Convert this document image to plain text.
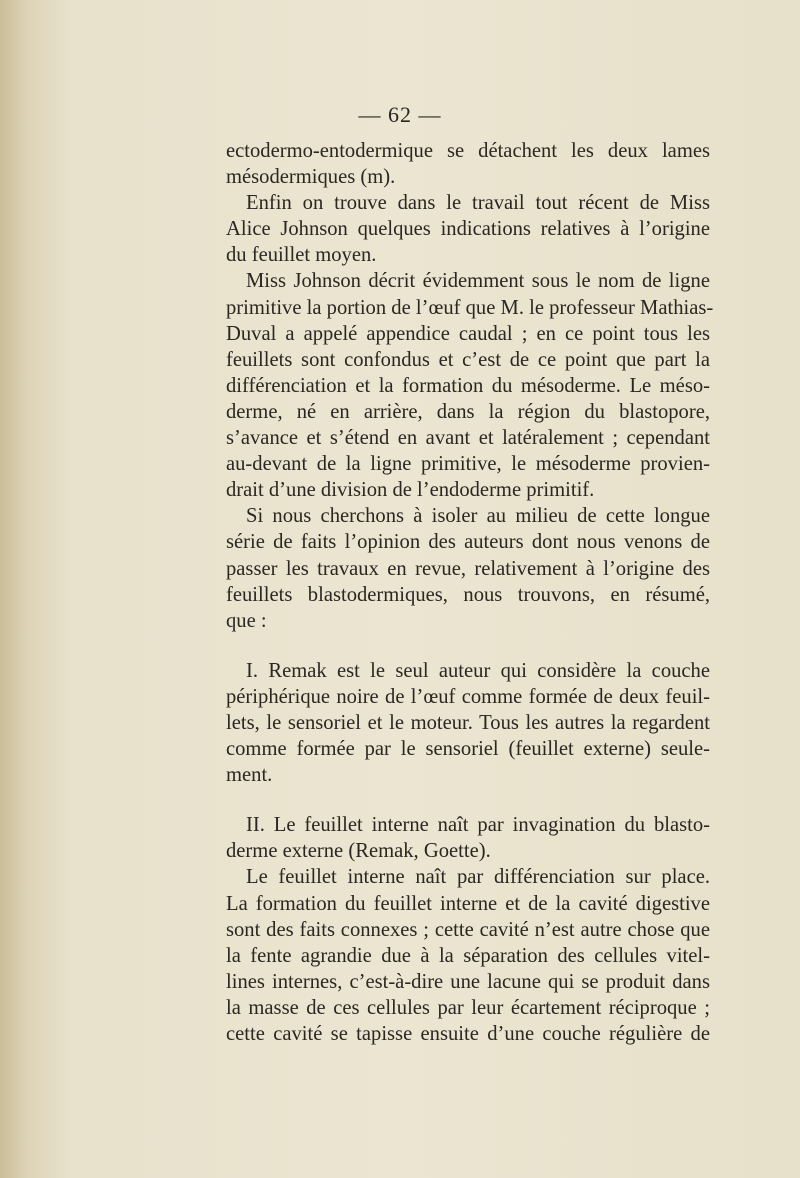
— 62 —
ectodermo-entodermique se détachent les deux lames
mésodermiques (m).
Enfin on trouve dans le travail tout récent de Miss
Alice Johnson quelques indications relatives à l’origine
du feuillet moyen.
Miss Johnson décrit évidemment sous le nom de ligne
primitive la portion de l’œuf que M. le professeur Mathias-
Duval a appelé appendice caudal ; en ce point tous les
feuillets sont confondus et c’est de ce point que part la
différenciation et la formation du mésoderme. Le méso-
derme, né en arrière, dans la région du blastopore,
s’avance et s’étend en avant et latéralement ; cependant
au-devant de la ligne primitive, le mésoderme provien-
drait d’une division de l’endoderme primitif.
Si nous cherchons à isoler au milieu de cette longue
série de faits l’opinion des auteurs dont nous venons de
passer les travaux en revue, relativement à l’origine des
feuillets blastodermiques, nous trouvons, en résumé,
que :
I. Remak est le seul auteur qui considère la couche
périphérique noire de l’œuf comme formée de deux feuil-
lets, le sensoriel et le moteur. Tous les autres la regardent
comme formée par le sensoriel (feuillet externe) seule-
ment.
II. Le feuillet interne naît par invagination du blasto-
derme externe (Remak, Goette).
Le feuillet interne naît par différenciation sur place.
La formation du feuillet interne et de la cavité digestive
sont des faits connexes ; cette cavité n’est autre chose que
la fente agrandie due à la séparation des cellules vitel-
lines internes, c’est-à-dire une lacune qui se produit dans
la masse de ces cellules par leur écartement réciproque ;
cette cavité se tapisse ensuite d’une couche régulière de
